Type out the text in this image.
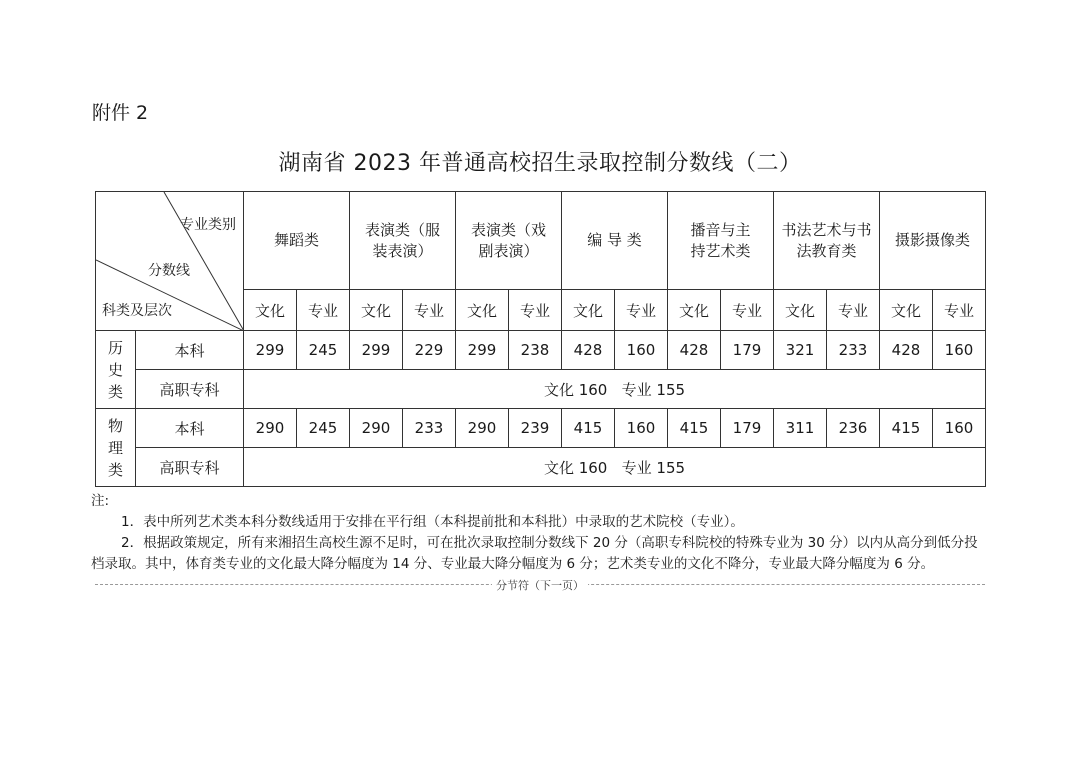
附件 2
湖南省 2023 年普通高校招生录取控制分数线（二）
专业类别
分数线
科类及层次		舞蹈类		表演类（服装表演）		表演类（戏剧表演）		编 导 类		播音与主持艺术类		书法艺术与书法教育类		摄影摄像类	

		文化	专业	文化	专业	文化	专业	文化	专业	文化	专业	文化	专业	文化	专业

历史类	本科	299	245	299	229	299	238	428	160	428	179	321	233	428	160
	高职专科	文化 160   专业 155													

物理类	本科	290	245	290	233	290	239	415	160	415	179	311	236	415	160
	高职专科	文化 160   专业 155													

注:

1．表中所列艺术类本科分数线适用于安排在平行组（本科提前批和本科批）中录取的艺术院校（专业）。

2．根据政策规定，所有来湘招生高校生源不足时，可在批次录取控制分数线下 20 分（高职专科院校的特殊专业为 30 分）以内从高分到低分投档录取。其中，体育类专业的文化最大降分幅度为 14 分、专业最大降分幅度为 6 分；艺术类专业的文化不降分，专业最大降分幅度为 6 分。

分节符（下一页）
